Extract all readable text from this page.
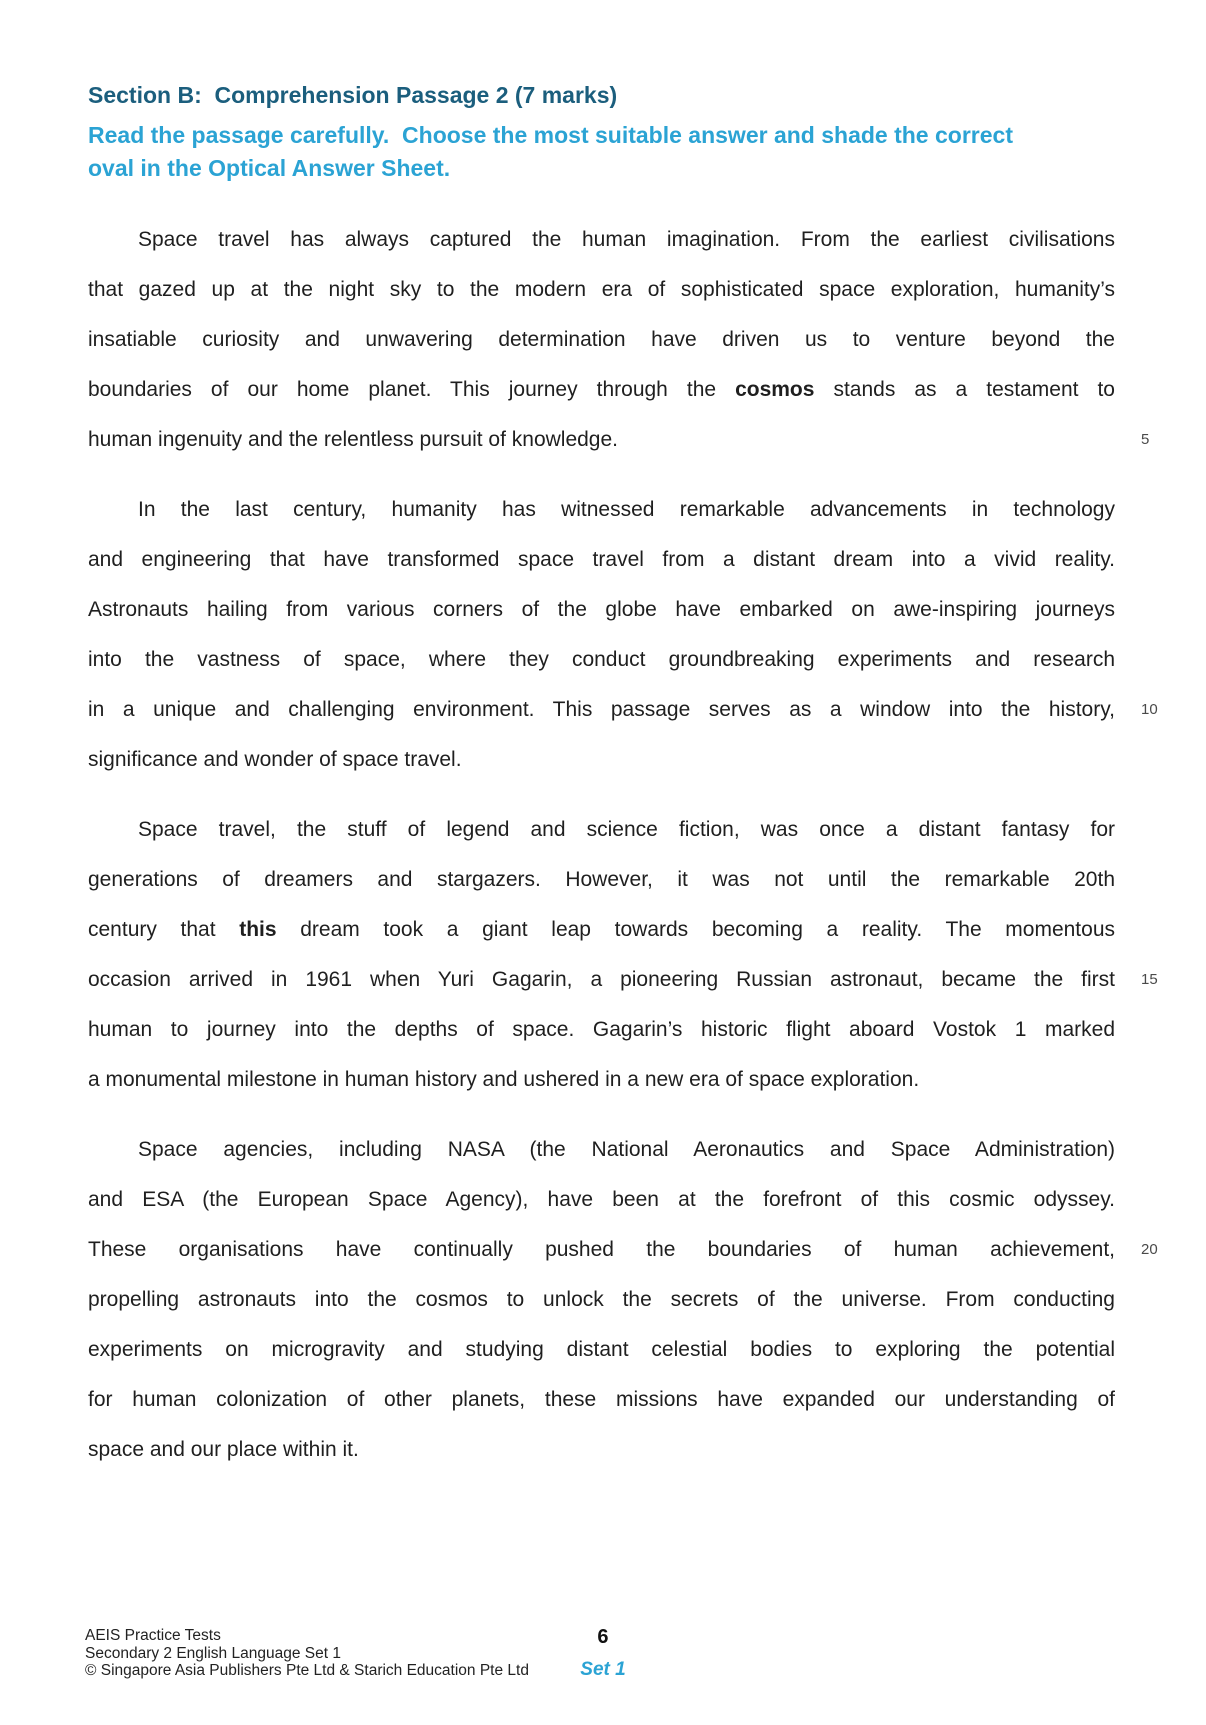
Section B:  Comprehension Passage 2 (7 marks)
Read the passage carefully.  Choose the most suitable answer and shade the correct
oval in the Optical Answer Sheet.
Space travel has always captured the human imagination. From the earliest civilisations
that gazed up at the night sky to the modern era of sophisticated space exploration, humanity’s
insatiable curiosity and unwavering determination have driven us to venture beyond the
boundaries of our home planet. This journey through the cosmos stands as a testament to
human ingenuity and the relentless pursuit of knowledge.	5
In the last century, humanity has witnessed remarkable advancements in technology
and engineering that have transformed space travel from a distant dream into a vivid reality.
Astronauts hailing from various corners of the globe have embarked on awe-inspiring journeys
into the vastness of space, where they conduct groundbreaking experiments and research
in a unique and challenging environment. This passage serves as a window into the history, 10
significance and wonder of space travel.
Space travel, the stuff of legend and science fiction, was once a distant fantasy for
generations of dreamers and stargazers. However, it was not until the remarkable 20th
century that this dream took a giant leap towards becoming a reality. The momentous
occasion arrived in 1961 when Yuri Gagarin, a pioneering Russian astronaut, became the first 15
human to journey into the depths of space. Gagarin’s historic flight aboard Vostok 1 marked
a monumental milestone in human history and ushered in a new era of space exploration.
Space agencies, including NASA (the National Aeronautics and Space Administration)
and ESA (the European Space Agency), have been at the forefront of this cosmic odyssey.
These organisations have continually pushed the boundaries of human achievement, 20
propelling astronauts into the cosmos to unlock the secrets of the universe. From conducting
experiments on microgravity and studying distant celestial bodies to exploring the potential
for human colonization of other planets, these missions have expanded our understanding of
space and our place within it.
AEIS Practice Tests
Secondary 2 English Language Set 1
© Singapore Asia Publishers Pte Ltd & Starich Education Pte Ltd
6
Set 1
